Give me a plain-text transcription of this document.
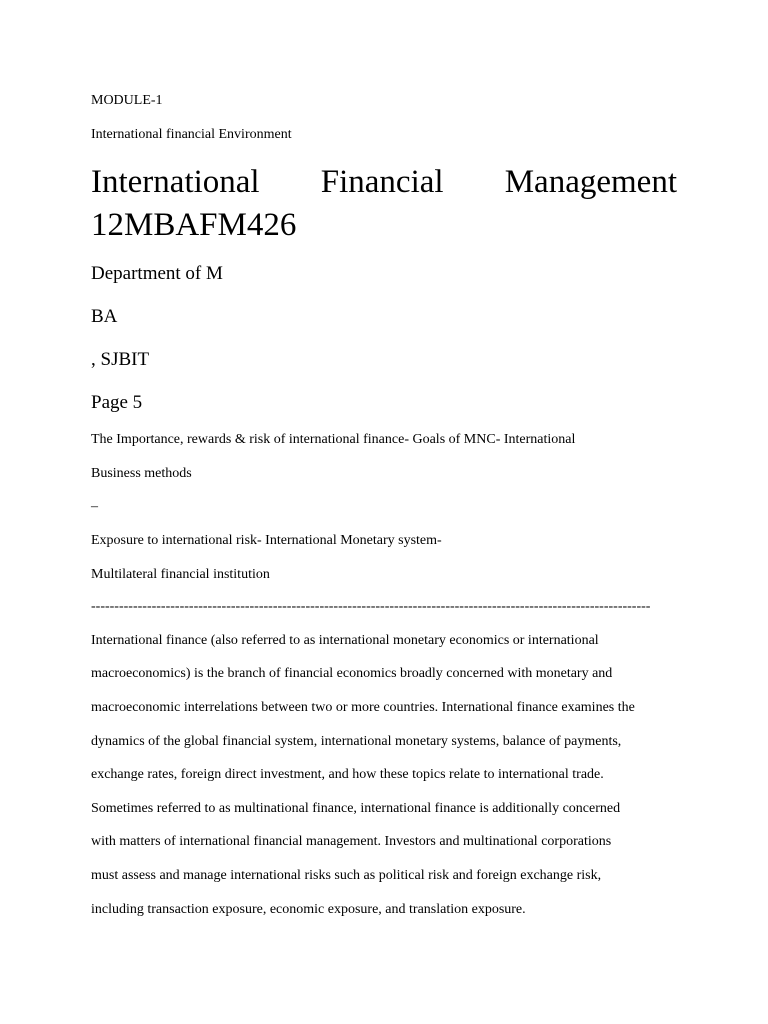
MODULE-1
International financial Environment
International Financial Management
12MBAFM426
Department of M
BA
, SJBIT
Page 5
The Importance, rewards & risk of international finance- Goals of MNC- International
Business methods
–
Exposure to international risk- International Monetary system-
Multilateral financial institution
------------------------------------------------------------------------------------------------------------------------
International finance (also referred to as international monetary economics or international
macroeconomics) is the branch of financial economics broadly concerned with monetary and
macroeconomic interrelations between two or more countries. International finance examines the
dynamics of the global financial system, international monetary systems, balance of payments,
exchange rates, foreign direct investment, and how these topics relate to international trade.
Sometimes referred to as multinational finance, international finance is additionally concerned
with matters of international financial management. Investors and multinational corporations
must assess and manage international risks such as political risk and foreign exchange risk,
including transaction exposure, economic exposure, and translation exposure.
